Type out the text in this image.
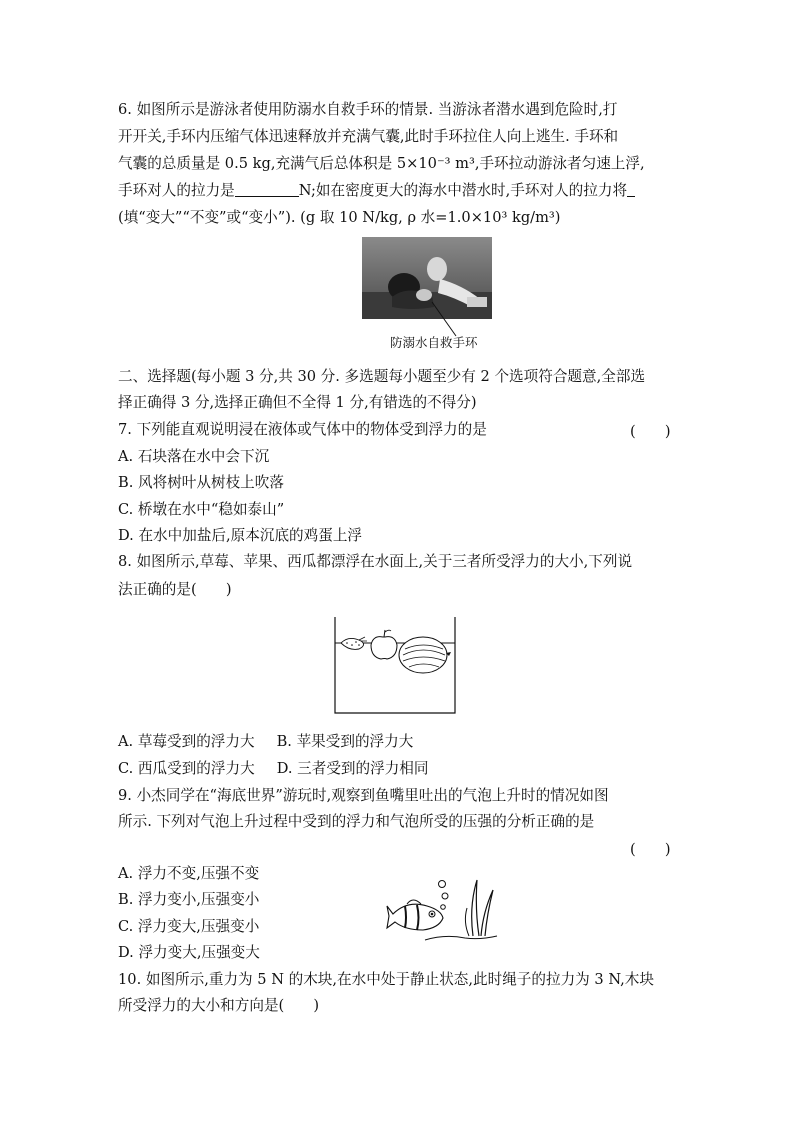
6. 如图所示是游泳者使用防溺水自救手环的情景. 当游泳者潜水遇到危险时,打
开开关,手环内压缩气体迅速释放并充满气囊,此时手环拉住人向上逃生. 手环和
气囊的总质量是 0.5 kg,充满气后总体积是 5×10⁻³ m³,手环拉动游泳者匀速上浮,
手环对人的拉力是	N;如在密度更大的海水中潜水时,手环对人的拉力将
(填“变大”“不变”或“变小”). (g 取 10 N/kg, ρ 水=1.0×10³ kg/m³)
防溺水自救手环
二、选择题(每小题 3 分,共 30 分. 多选题每小题至少有 2 个选项符合题意,全部选
择正确得 3 分,选择正确但不全得 1 分,有错选的不得分)
7. 下列能直观说明浸在液体或气体中的物体受到浮力的是	(　　)
A. 石块落在水中会下沉
B. 风将树叶从树枝上吹落
C. 桥墩在水中“稳如泰山”
D. 在水中加盐后,原本沉底的鸡蛋上浮
8. 如图所示,草莓、苹果、西瓜都漂浮在水面上,关于三者所受浮力的大小,下列说
法正确的是(　　)
A. 草莓受到的浮力大 B. 苹果受到的浮力大
C. 西瓜受到的浮力大 D. 三者受到的浮力相同
9. 小杰同学在“海底世界”游玩时,观察到鱼嘴里吐出的气泡上升时的情况如图
所示. 下列对气泡上升过程中受到的浮力和气泡所受的压强的分析正确的是
(　　)
A. 浮力不变,压强不变
B. 浮力变小,压强变小
C. 浮力变大,压强变小
D. 浮力变大,压强变大
10. 如图所示,重力为 5 N 的木块,在水中处于静止状态,此时绳子的拉力为 3 N,木块
所受浮力的大小和方向是(　　)
